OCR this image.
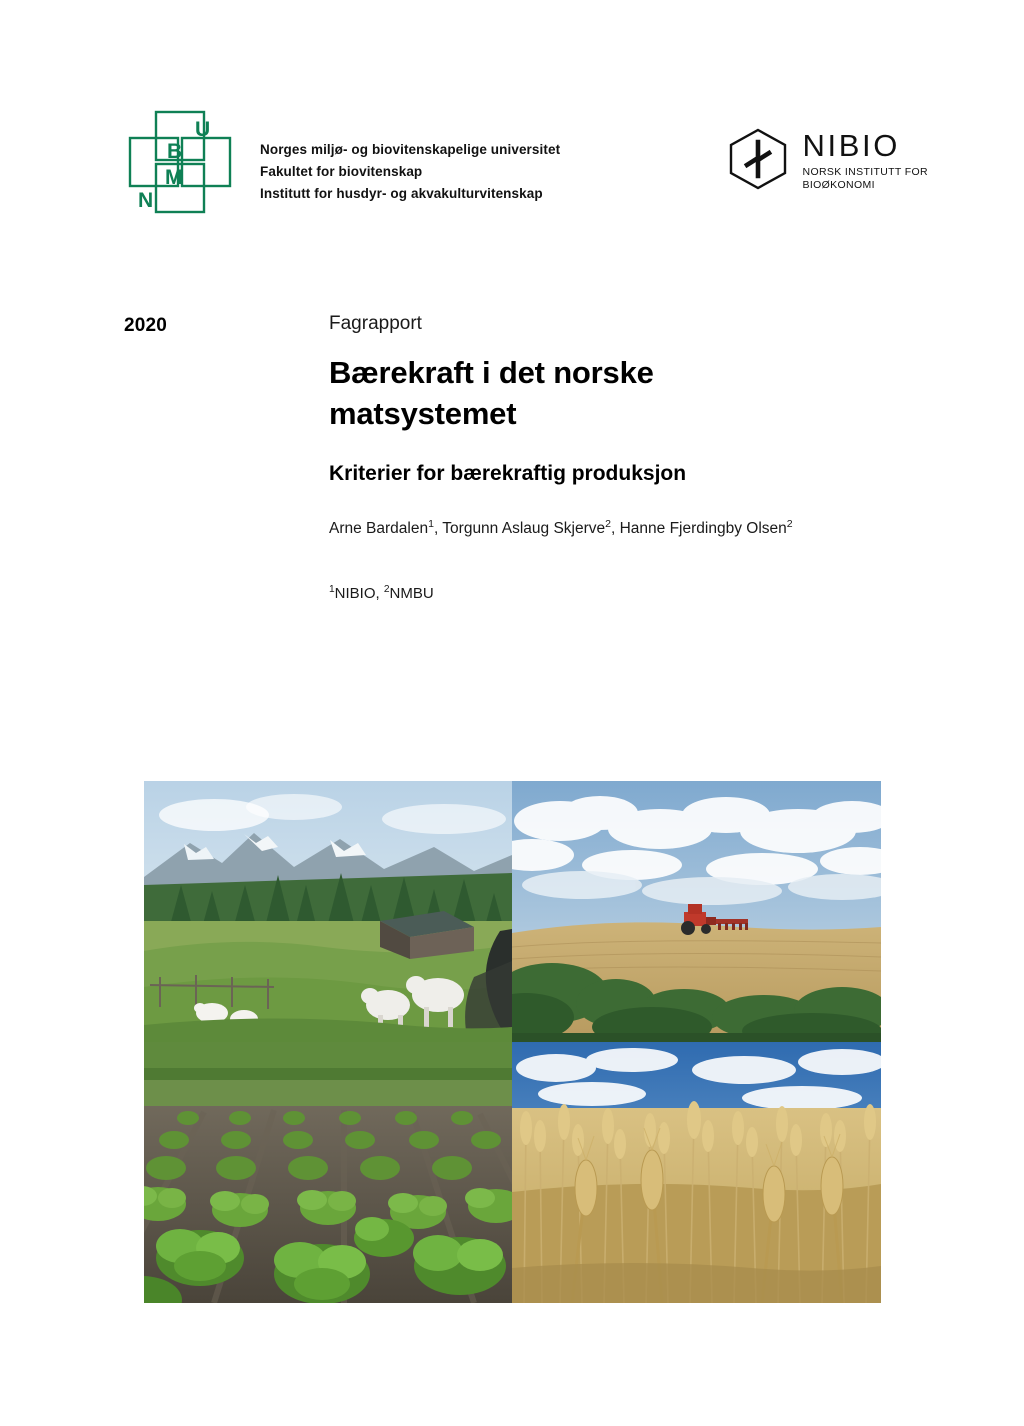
U
B
M
N
Norges miljø- og biovitenskapelige universitet
Fakultet for biovitenskap
Institutt for husdyr- og akvakulturvitenskap
NIBIO
NORSK INSTITUTT FOR
BIOØKONOMI
2020	Fagrapport
Bærekraft i det norske
matsystemet
Kriterier for bærekraftig produksjon
Arne Bardalen$^1$, Torgunn Aslaug Skjerve$^2$, Hanne Fjerdingby Olsen$^2$
$^1$NIBIO, $^2$NMBU
